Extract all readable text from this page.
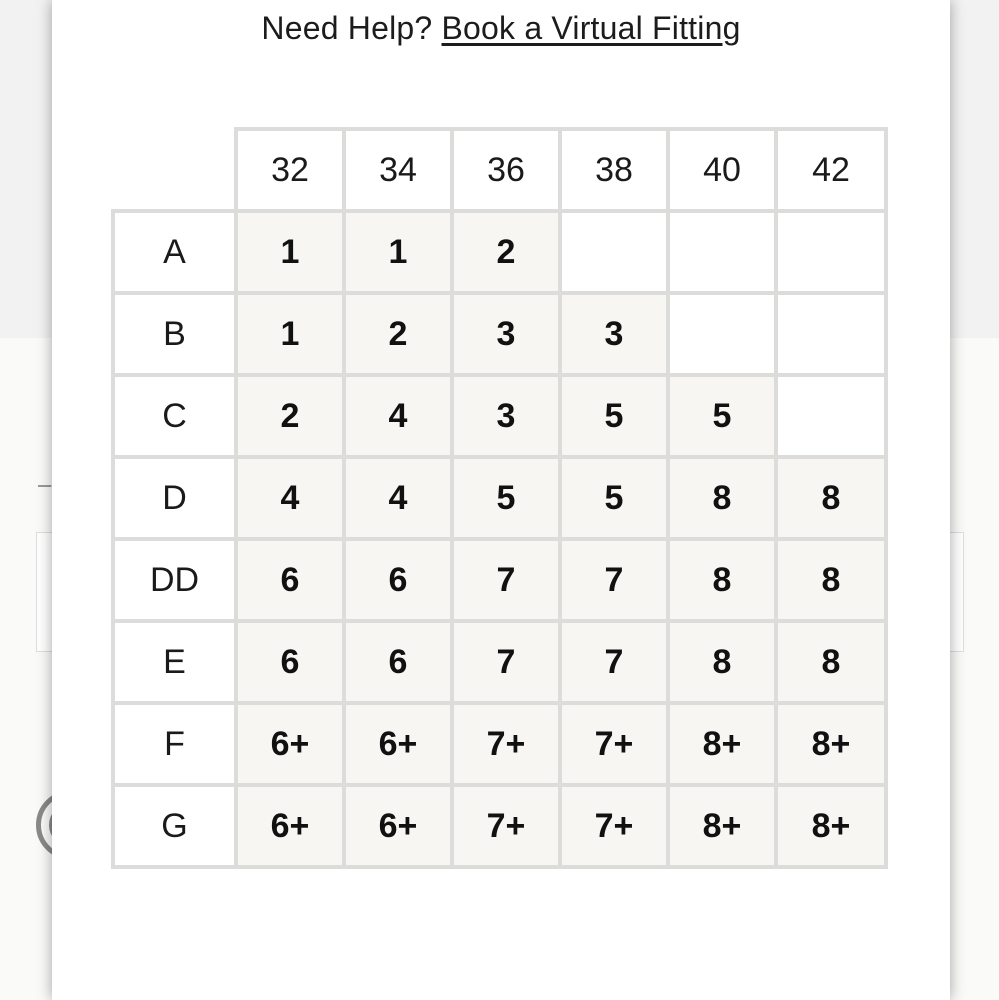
Need Help? Book a Virtual Fitting
	32	34	36	38	40	42
A	1	1	2			
B	1	2	3	3		
C	2	4	3	5	5	
D	4	4	5	5	8	8
DD	6	6	7	7	8	8
E	6	6	7	7	8	8
F	6+	6+	7+	7+	8+	8+
G	6+	6+	7+	7+	8+	8+
